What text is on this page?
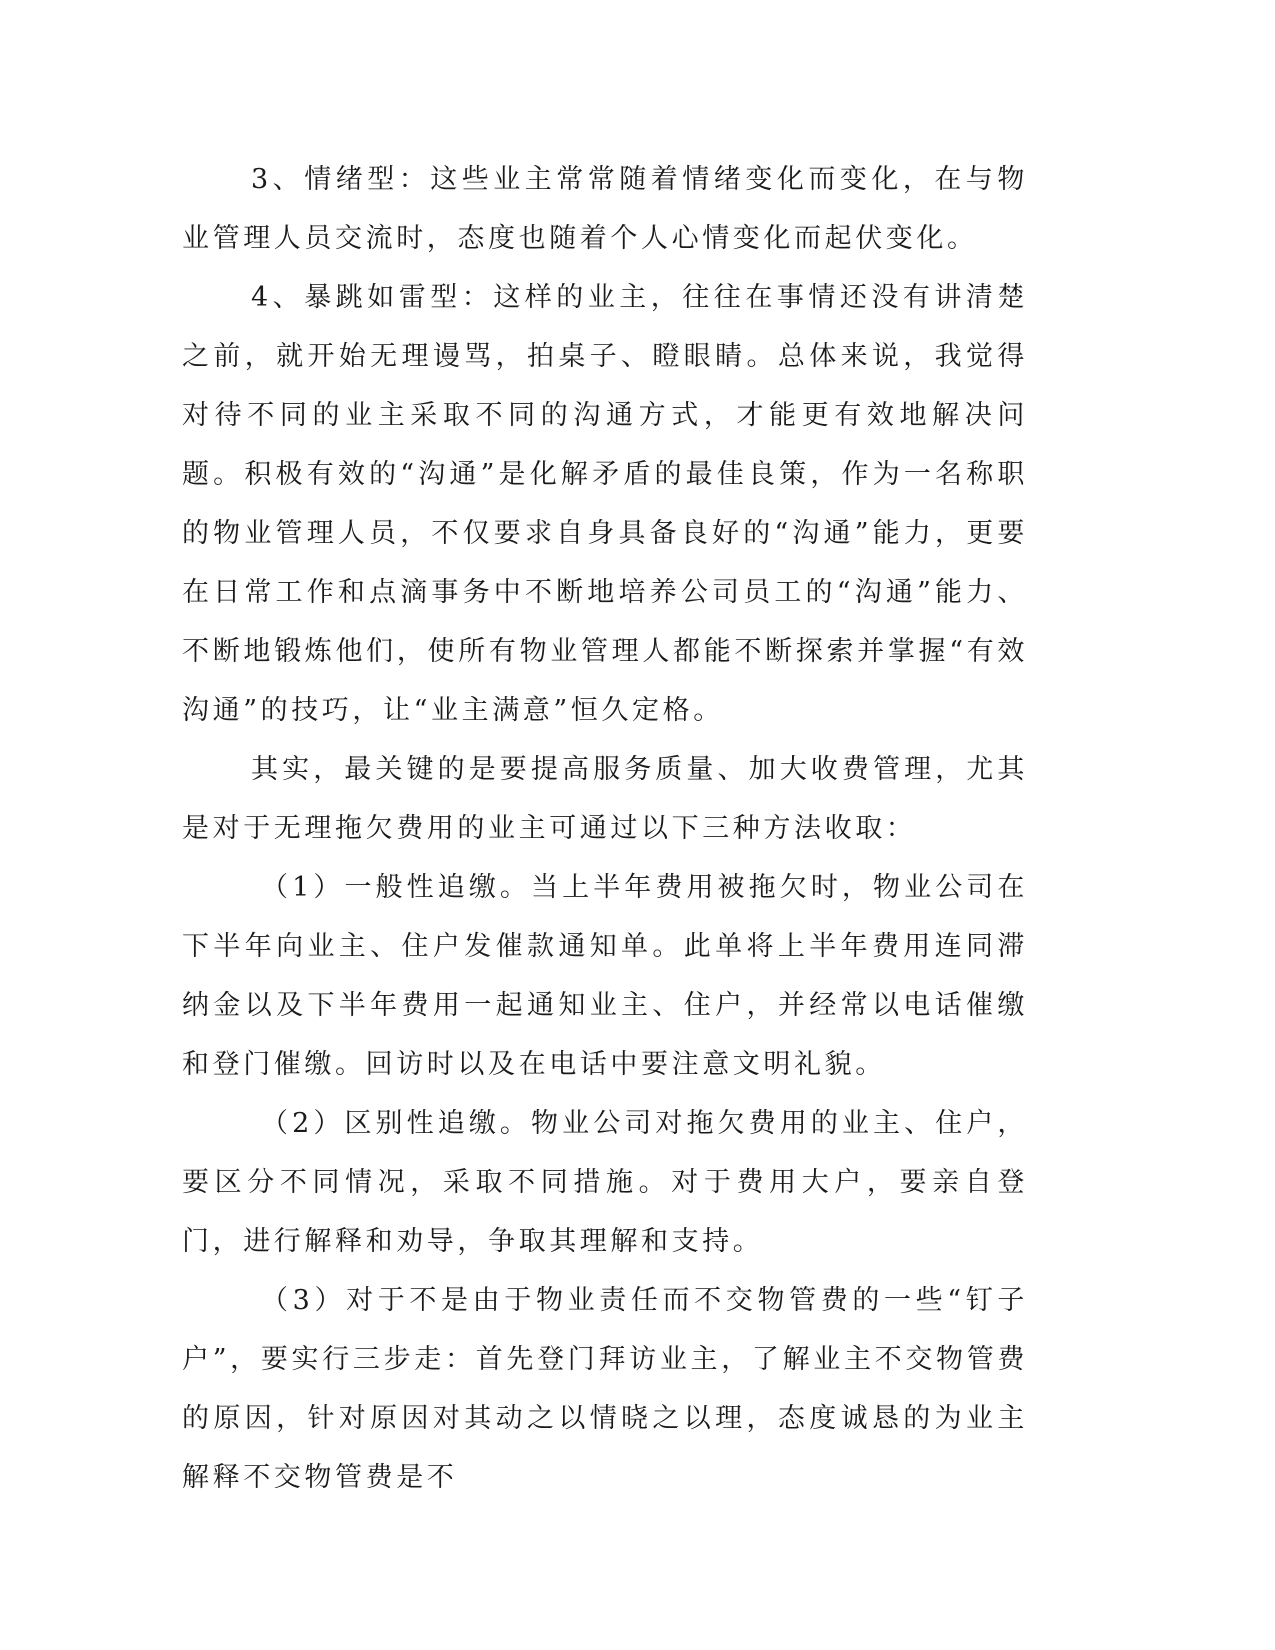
3、情绪型：这些业主常常随着情绪变化而变化，在与物业管理人员交流时，态度也随着个人心情变化而起伏变化。

4、暴跳如雷型：这样的业主，往往在事情还没有讲清楚之前，就开始无理谩骂，拍桌子、瞪眼睛。总体来说，我觉得对待不同的业主采取不同的沟通方式，才能更有效地解决问题。积极有效的“沟通”是化解矛盾的最佳良策，作为一名称职的物业管理人员，不仅要求自身具备良好的“沟通”能力，更要在日常工作和点滴事务中不断地培养公司员工的“沟通”能力、不断地锻炼他们，使所有物业管理人都能不断探索并掌握“有效沟通”的技巧，让“业主满意”恒久定格。

其实，最关键的是要提高服务质量、加大收费管理，尤其是对于无理拖欠费用的业主可通过以下三种方法收取：

（1）一般性追缴。当上半年费用被拖欠时，物业公司在下半年向业主、住户发催款通知单。此单将上半年费用连同滞纳金以及下半年费用一起通知业主、住户，并经常以电话催缴和登门催缴。回访时以及在电话中要注意文明礼貌。

（2）区别性追缴。物业公司对拖欠费用的业主、住户，要区分不同情况，采取不同措施。对于费用大户，要亲自登门，进行解释和劝导，争取其理解和支持。

（3）对于不是由于物业责任而不交物管费的一些“钉子户”，要实行三步走：首先登门拜访业主，了解业主不交物管费的原因，针对原因对其动之以情晓之以理，态度诚恳的为业主解释不交物管费是不
